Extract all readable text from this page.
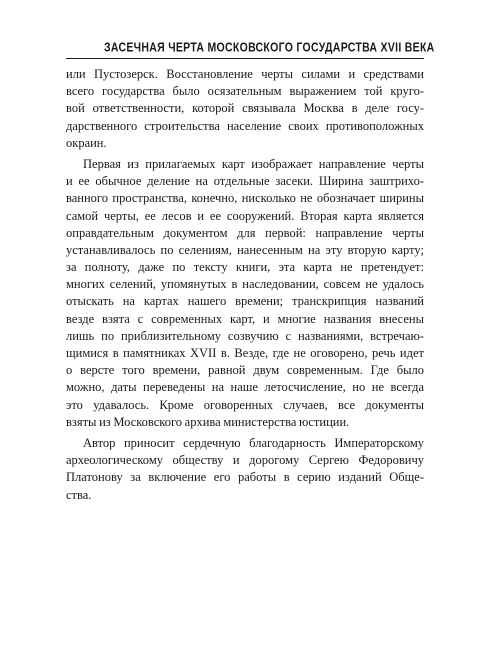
ЗАСЕЧНАЯ ЧЕРТА МОСКОВСКОГО ГОСУДАРСТВА XVII ВЕКА
или Пустозерск. Восстановление черты силами и средствами
всего государства было осязательным выражением той круго-
вой ответственности, которой связывала Москва в деле госу-
дарственного строительства население своих противоположных
окраин.
Первая из прилагаемых карт изображает направление черты
и ее обычное деление на отдельные засеки. Ширина заштрихо-
ванного пространства, конечно, нисколько не обозначает ширины
самой черты, ее лесов и ее сооружений. Вторая карта является
оправдательным документом для первой: направление черты
устанавливалось по селениям, нанесенным на эту вторую карту;
за полноту, даже по тексту книги, эта карта не претендует:
многих селений, упомянутых в наследовании, совсем не удалось
отыскать на картах нашего времени; транскрипция названий
везде взята с современных карт, и многие названия внесены
лишь по приблизительному созвучию с названиями, встречаю-
щимися в памятниках XVII в. Везде, где не оговорено, речь идет
о версте того времени, равной двум современным. Где было
можно, даты переведены на наше летосчисление, но не всегда
это удавалось. Кроме оговоренных случаев, все документы
взяты из Московского архива министерства юстиции.
Автор приносит сердечную благодарность Императорскому
археологическому обществу и дорогому Сергею Федоровичу
Платонову за включение его работы в серию изданий Обще-
ства.
